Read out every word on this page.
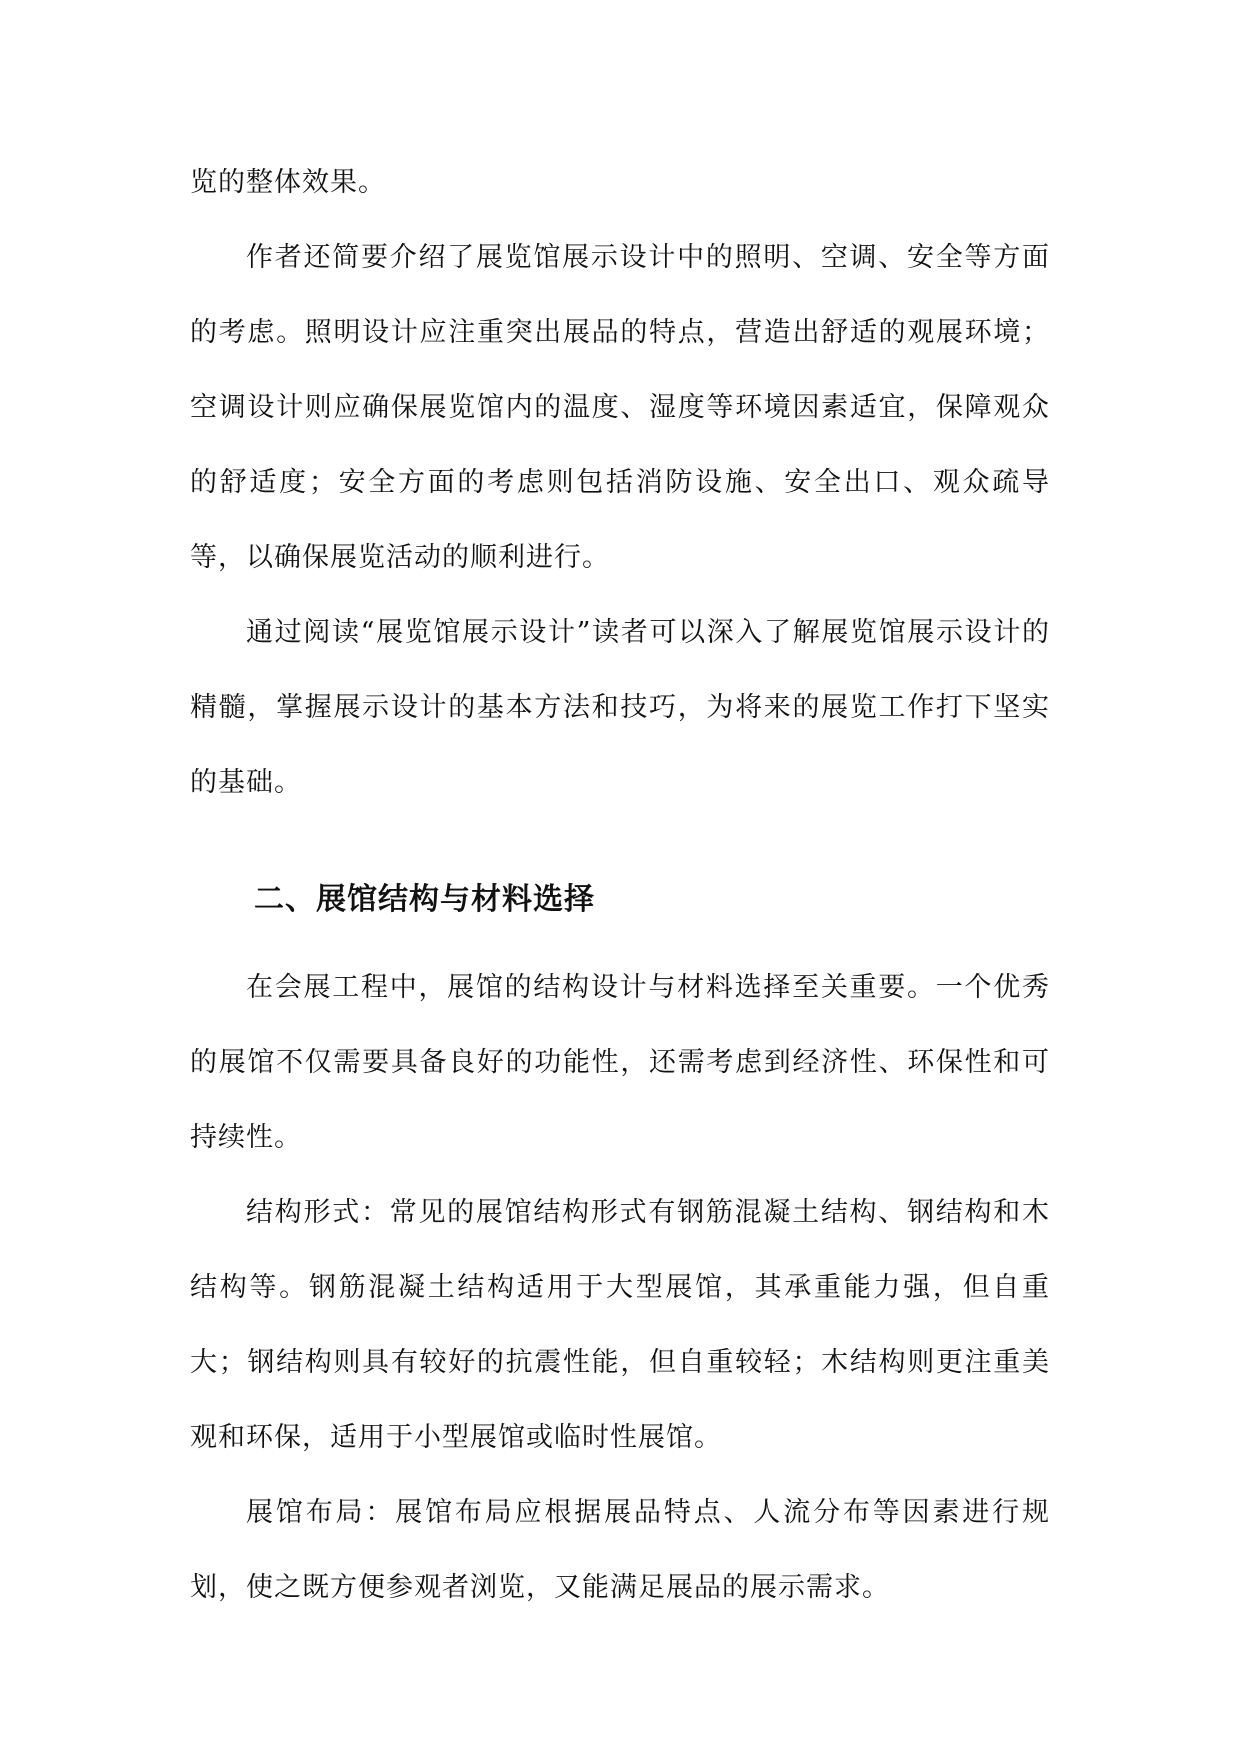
览的整体效果。

作者还简要介绍了展览馆展示设计中的照明、空调、安全等方面的考虑。照明设计应注重突出展品的特点，营造出舒适的观展环境；空调设计则应确保展览馆内的温度、湿度等环境因素适宜，保障观众的舒适度；安全方面的考虑则包括消防设施、安全出口、观众疏导等，以确保展览活动的顺利进行。

通过阅读“展览馆展示设计”读者可以深入了解展览馆展示设计的精髓，掌握展示设计的基本方法和技巧，为将来的展览工作打下坚实的基础。

二、展馆结构与材料选择

在会展工程中，展馆的结构设计与材料选择至关重要。一个优秀的展馆不仅需要具备良好的功能性，还需考虑到经济性、环保性和可持续性。

结构形式：常见的展馆结构形式有钢筋混凝土结构、钢结构和木结构等。钢筋混凝土结构适用于大型展馆，其承重能力强，但自重大；钢结构则具有较好的抗震性能，但自重较轻；木结构则更注重美观和环保，适用于小型展馆或临时性展馆。

展馆布局：展馆布局应根据展品特点、人流分布等因素进行规划，使之既方便参观者浏览，又能满足展品的展示需求。
